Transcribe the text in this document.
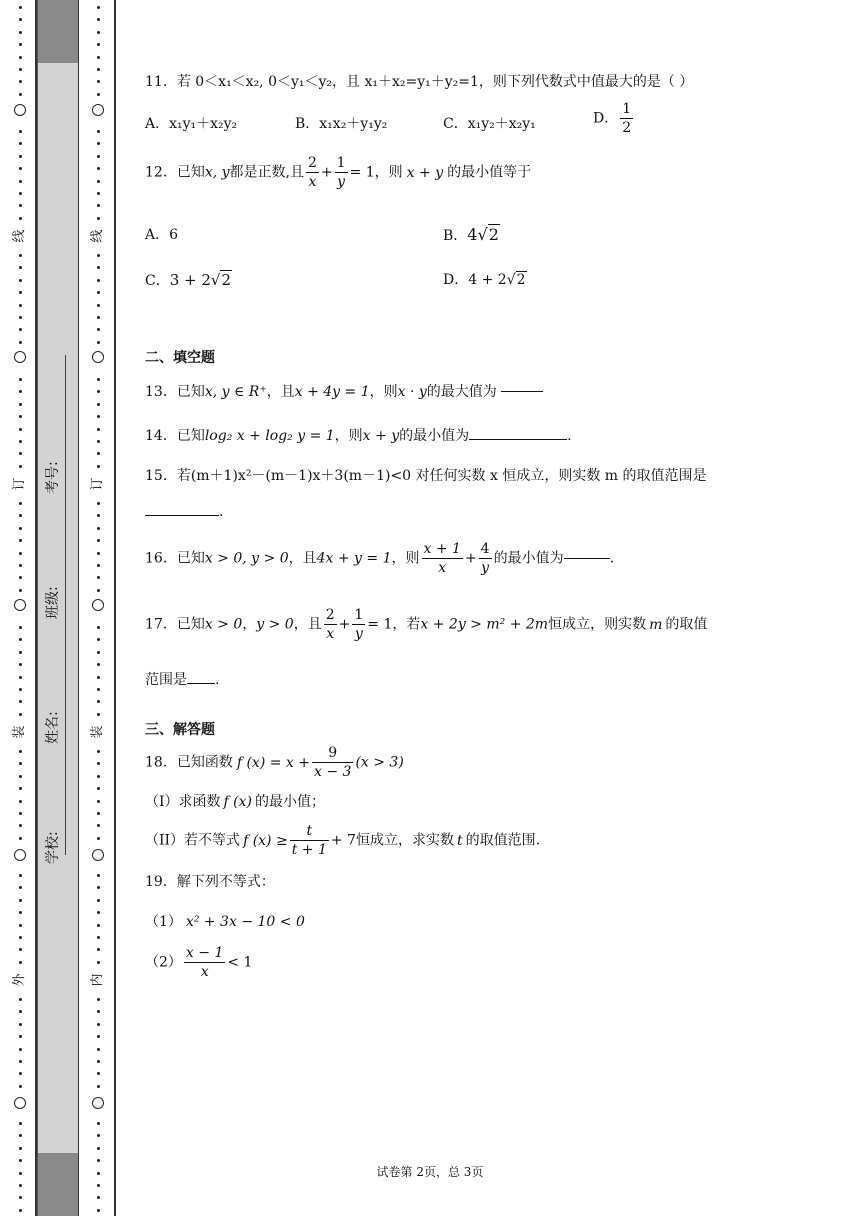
线
订
装
外
学校:
姓名:
班级:
考号:
线
订
装
内
11．若 0＜x₁＜x₂, 0＜y₁＜y₂，且 x₁＋x₂=y₁＋y₂=1，则下列代数式中值最大的是（ ）
A．x₁y₁＋x₂y₂	B．x₁x₂＋y₁y₂	C．x₁y₂＋x₂y₁	D． $\frac{1}{2}$
12．已知x, y都是正数,且 $\frac{2}{x} + \frac{1}{y} = 1$，则 x + y 的最小值等于
A．6	B．4√2
C．3 + 2√2	D．4 + 2√2
二、填空题
13．已知x, y ∈ R⁺，且x + 4y = 1，则x · y的最大值为
14．已知log₂ x + log₂ y = 1，则x + y的最小值为	.
15．若(m＋1)x²－(m－1)x＋3(m－1)<0 对任何实数 x 恒成立，则实数 m 的取值范围是
.
16．已知x > 0, y > 0，且4x + y = 1，则 $\frac{x + 1}{x} + \frac{4}{y}$ 的最小值为	.
17．已知x > 0，y > 0，且 $\frac{2}{x} + \frac{1}{y} = 1$，若x + 2y > m² + 2m恒成立，则实数 m 的取值
范围是 .
三、解答题
18．已知函数 f $(x) = x + \frac{9}{x - 3} (x > 3)$
（I）求函数 f (x) 的最小值；
（II）若不等式 f $(x) \ge \frac{t}{t + 1} + 7$恒成立，求实数 t 的取值范围.
19．解下列不等式：
（1） x² + 3x − 10 < 0
$(2) \frac{x - 1}{x} < 1$
试卷第 2页，总 3页
